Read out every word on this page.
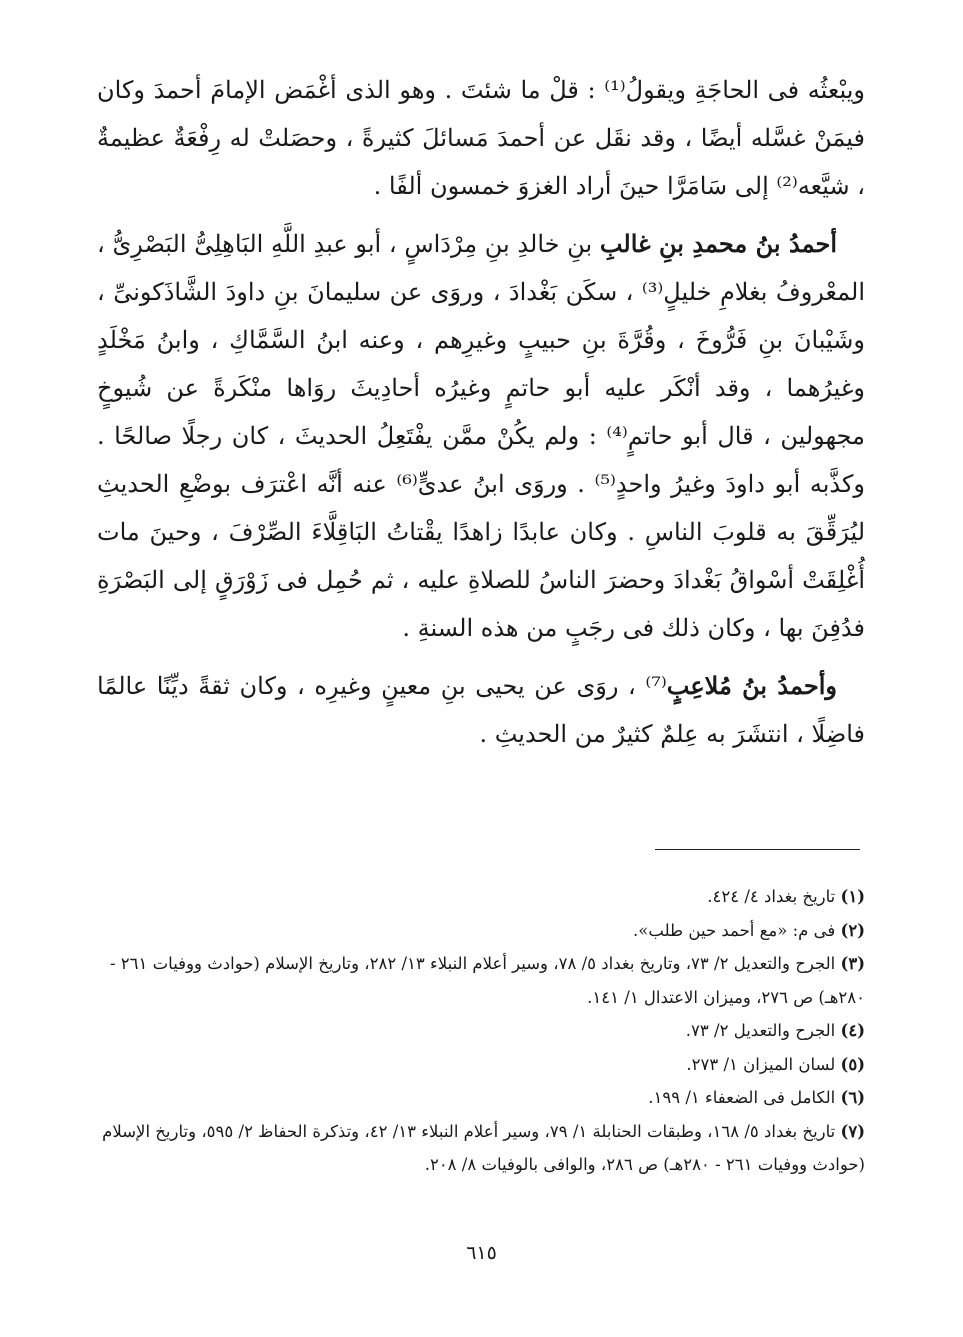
ويبْعثُه فى الحاجَةِ ويقولُ⁽¹⁾ : قلْ ما شئتَ . وهو الذى أغْمَض الإمامَ أحمدَ وكان فيمَنْ غسَّله أيضًا ، وقد نقَل عن أحمدَ مَسائلَ كثيرةً ، وحصَلتْ له رِفْعَةٌ عظيمةٌ ، شيَّعه⁽²⁾ إلى سَامَرَّا حينَ أراد الغزوَ خمسون ألفًا .

أحمدُ بنُ محمدِ بنِ غالبِ بنِ خالدِ بنِ مِرْدَاسٍ ، أبو عبدِ اللَّهِ البَاهِلِىُّ البَصْرِىُّ ، المعْروفُ بغلامِ خليلٍ⁽³⁾ ، سكَن بَغْدادَ ، وروَى عن سليمانَ بنِ داودَ الشَّاذَكونىِّ ، وشَيْبانَ بنِ فَرُّوخَ ، وقُرَّةَ بنِ حبيبٍ وغيرِهم ، وعنه ابنُ السَّمَّاكِ ، وابنُ مَخْلَدٍ وغيرُهما ، وقد أنْكَر عليه أبو حاتمٍ وغيرُه أحادِيثَ روَاها منْكَرةً عن شُيوخٍ مجهولين ، قال أبو حاتمٍ⁽⁴⁾ : ولم يكُنْ ممَّن يفْتَعِلُ الحديثَ ، كان رجلًا صالحًا . وكذَّبه أبو داودَ وغيرُ واحدٍ⁽⁵⁾ . وروَى ابنُ عدىٍّ⁽⁶⁾ عنه أنَّه اعْترَف بوضْعِ الحديثِ ليُرَقِّقَ به قلوبَ الناسِ . وكان عابدًا زاهدًا يقْتاتُ البَاقِلَّاءَ الصِّرْفَ ، وحينَ مات أُغْلِقَتْ أسْواقُ بَغْدادَ وحضرَ الناسُ للصلاةِ عليه ، ثم حُمِل فى زَوْرَقٍ إلى البَصْرَةِ فدُفِنَ بها ، وكان ذلك فى رجَبٍ من هذه السنةِ .

وأحمدُ بنُ مُلاعِبٍ⁽⁷⁾ ، روَى عن يحيى بنِ معينٍ وغيرِه ، وكان ثقةً ديِّنًا عالمًا فاضِلًا ، انتشَرَ به عِلمٌ كثيرٌ من الحديثِ .

(١) تاريخ بغداد ٤/ ٤٢٤.

(٢) فى م: «مع أحمد حين طلب».

(٣) الجرح والتعديل ٢/ ٧٣، وتاريخ بغداد ٥/ ٧٨، وسير أعلام النبلاء ١٣/ ٢٨٢، وتاريخ الإسلام (حوادث ووفيات ٢٦١ - ٢٨٠هـ) ص ٢٧٦، وميزان الاعتدال ١/ ١٤١.

(٤) الجرح والتعديل ٢/ ٧٣.

(٥) لسان الميزان ١/ ٢٧٣.

(٦) الكامل فى الضعفاء ١/ ١٩٩.

(٧) تاريخ بغداد ٥/ ١٦٨، وطبقات الحنابلة ١/ ٧٩، وسير أعلام النبلاء ١٣/ ٤٢، وتذكرة الحفاظ ٢/ ٥٩٥، وتاريخ الإسلام (حوادث ووفيات ٢٦١ - ٢٨٠هـ) ص ٢٨٦، والوافى بالوفيات ٨/ ٢٠٨.

٦١٥
